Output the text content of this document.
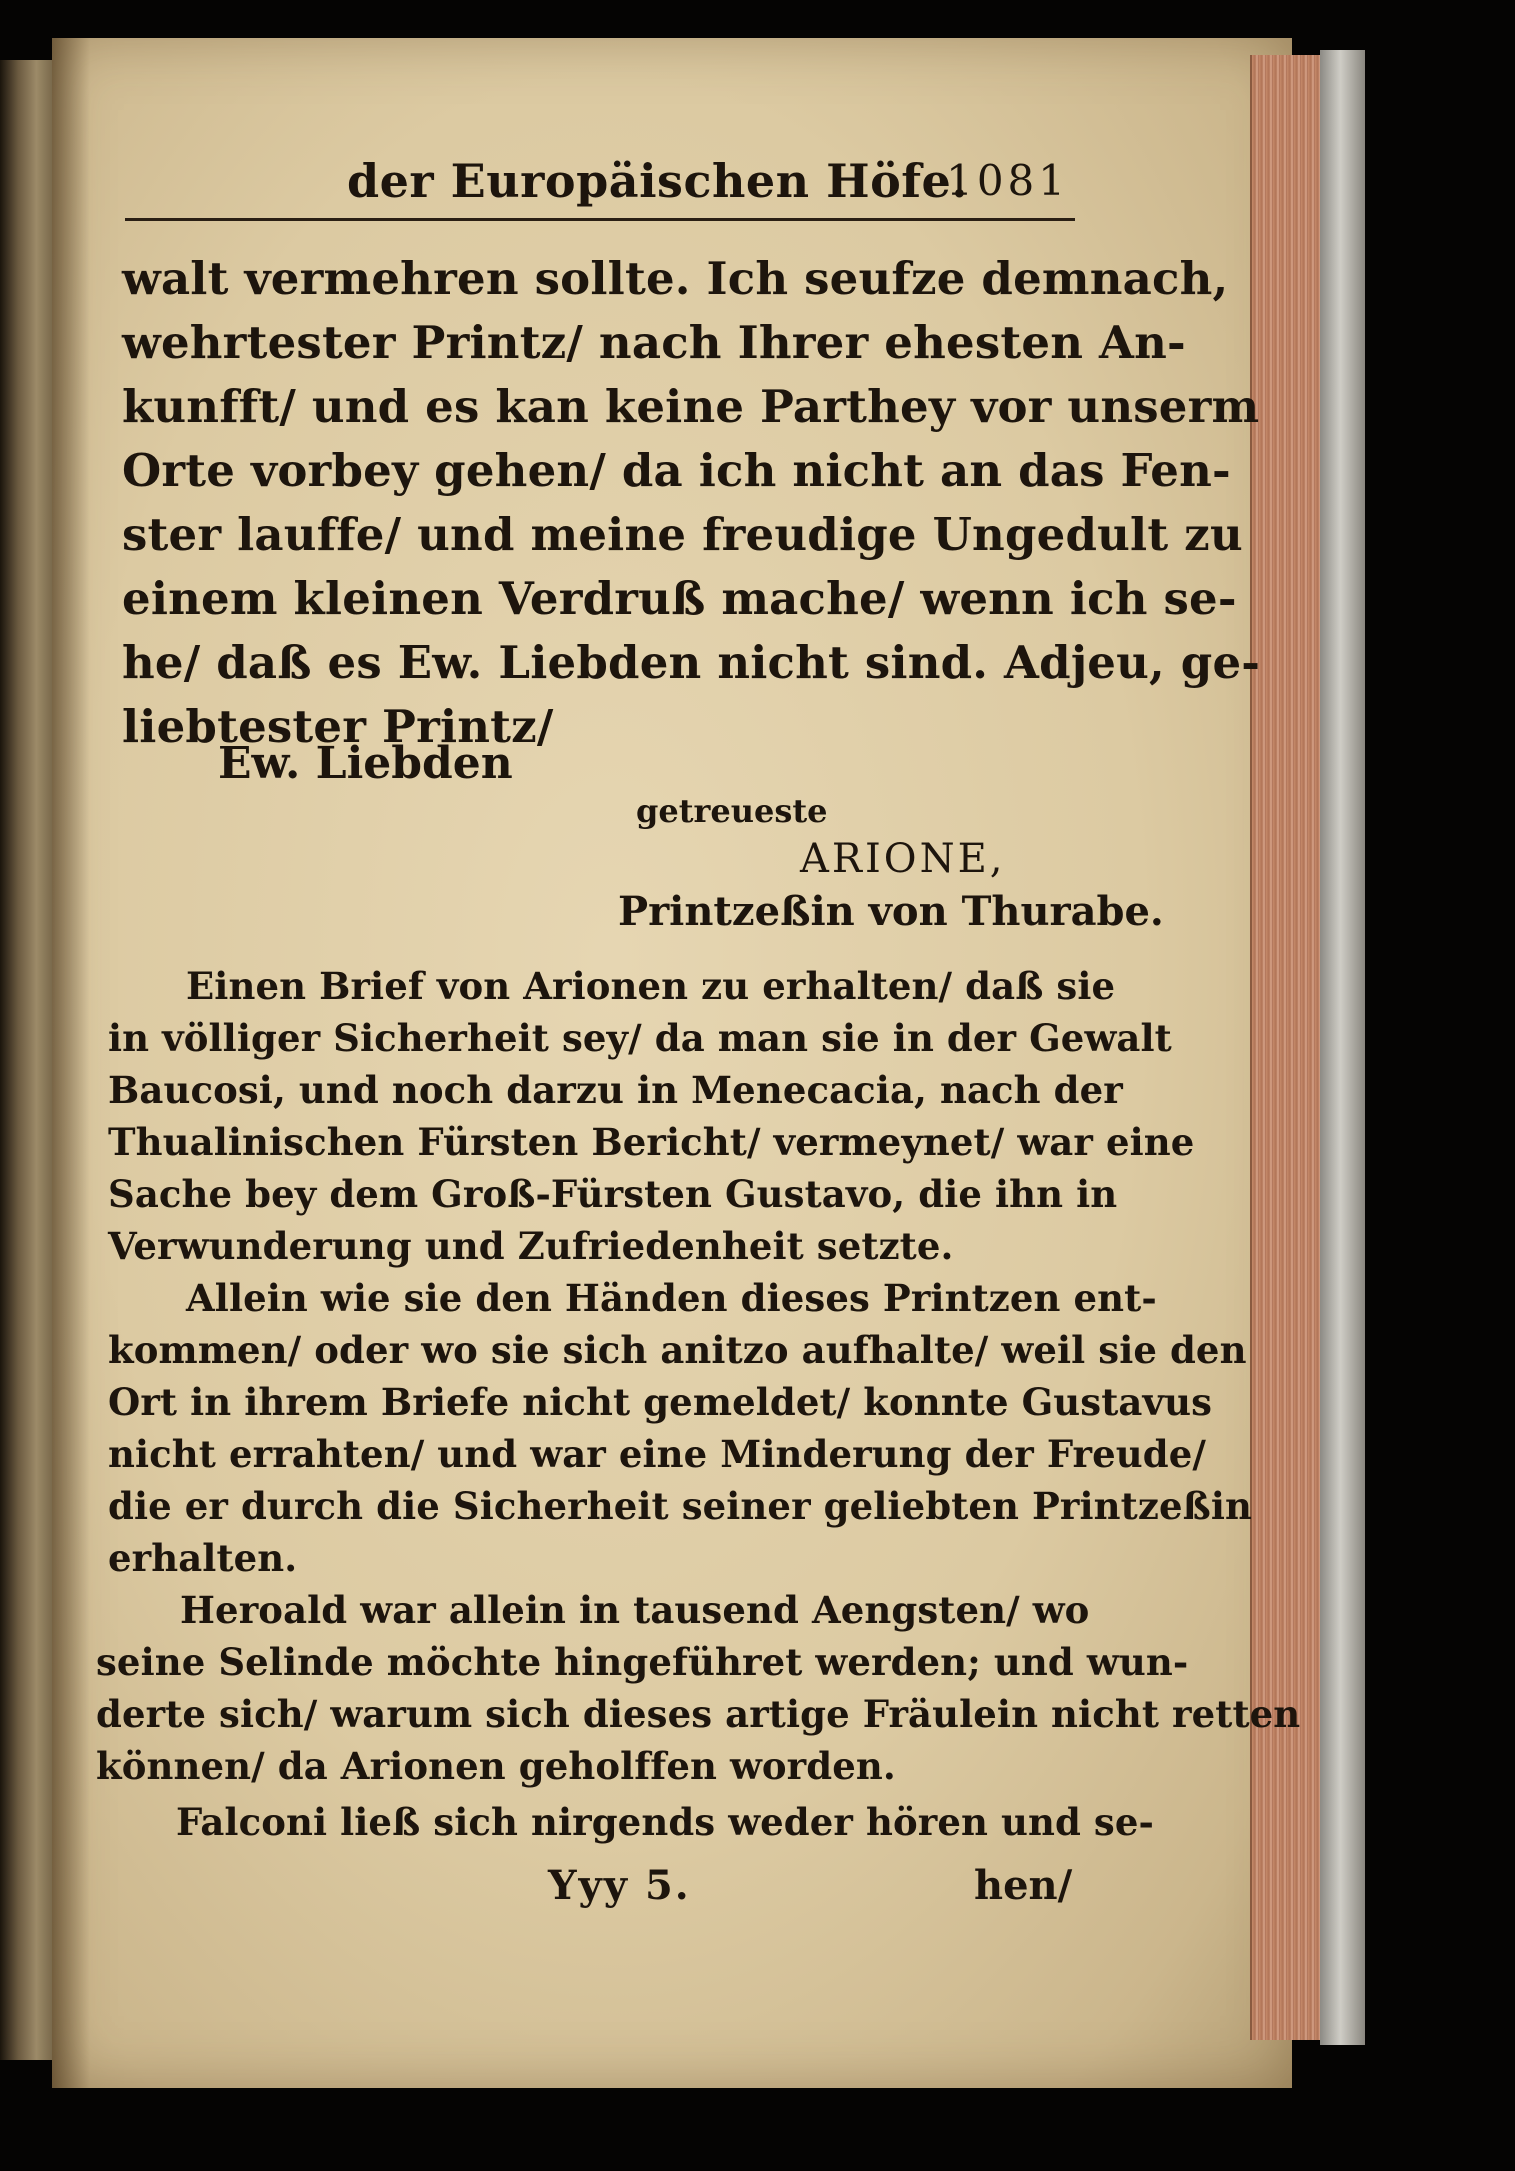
der Europäischen Höfe.
1081
walt vermehren sollte. Ich seufze demnach,
wehrtester Printz/ nach Ihrer ehesten An-
kunfft/ und es kan keine Parthey vor unserm
Orte vorbey gehen/ da ich nicht an das Fen-
ster lauffe/ und meine freudige Ungedult zu
einem kleinen Verdruß mache/ wenn ich se-
he/ daß es Ew. Liebden nicht sind. Adjeu, ge-
liebtester Printz/
Ew. Liebden
getreueste
ARIONE,
Printzeßin von Thurabe.
Einen Brief von Arionen zu erhalten/ daß sie
in völliger Sicherheit sey/ da man sie in der Gewalt
Baucosi, und noch darzu in Menecacia, nach der
Thualinischen Fürsten Bericht/ vermeynet/ war eine
Sache bey dem Groß-Fürsten Gustavo, die ihn in
Verwunderung und Zufriedenheit setzte.
Allein wie sie den Händen dieses Printzen ent-
kommen/ oder wo sie sich anitzo aufhalte/ weil sie den
Ort in ihrem Briefe nicht gemeldet/ konnte Gustavus
nicht errahten/ und war eine Minderung der Freude/
die er durch die Sicherheit seiner geliebten Printzeßin
erhalten.
Heroald war allein in tausend Aengsten/ wo
seine Selinde möchte hingeführet werden; und wun-
derte sich/ warum sich dieses artige Fräulein nicht retten
können/ da Arionen geholffen worden.
Falconi ließ sich nirgends weder hören und se-
Yyy 5.	hen/
